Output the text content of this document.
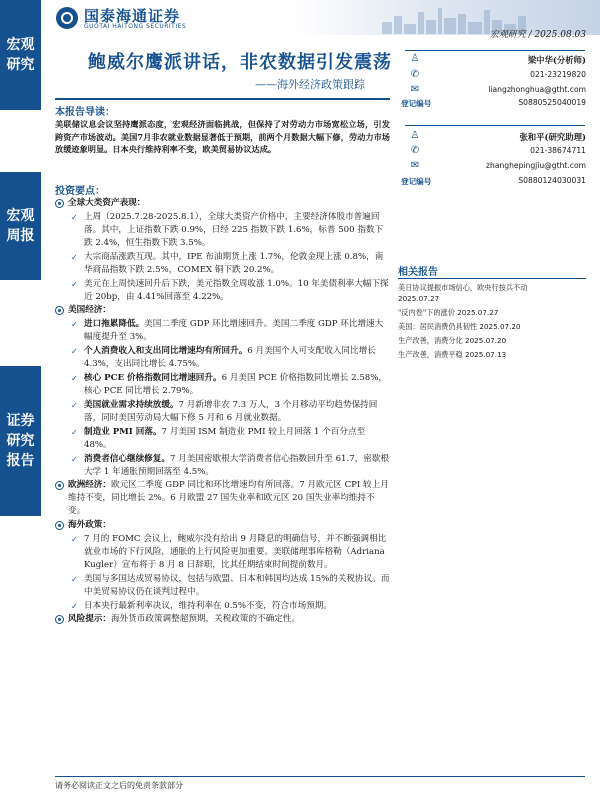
宏观研究
宏观周报
证券研究报告
国泰海通证券
GUOTAI HAITONG SECURITIES
宏观研究 / 2025.08.03
鲍威尔鹰派讲话，非农数据引发震荡
——海外经济政策跟踪
本报告导读：
美联储议息会议坚持鹰派态度，宏观经济面临挑战，但保持了对劳动力市场宽松立场，引发跨资产市场波动。美国7月非农就业数据显著低于预期，前两个月数据大幅下修，劳动力市场放缓迹象明显。日本央行维持利率不变，欧美贸易协议达成。
投资要点：
全球大类资产表现：
✓ 上周（2025.7.28-2025.8.1），全球大类资产价格中，主要经济体股市普遍回落。其中，上证指数下跌 0.9%，日经 225 指数下跌 1.6%，标普 500 指数下跌 2.4%，恒生指数下跌 3.5%。
✓ 大宗商品涨跌互现。其中，IPE 布油期货上涨 1.7%，伦敦金现上涨 0.8%，南华商品指数下跌 2.5%，COMEX 铜下跌 20.2%。
✓ 美元在上周快速回升后下跌，美元指数全周收涨 1.0%。10 年美债利率大幅下探近 20bp，由 4.41%回落至 4.22%。
美国经济：
✓ 进口拖累降低。美国二季度 GDP 环比增速回升。美国二季度 GDP 环比增速大幅度提升至 3%。
✓ 个人消费收入和支出同比增速均有所回升。6 月美国个人可支配收入同比增长 4.3%，支出同比增长 4.75%。
✓ 核心 PCE 价格指数同比增速回升。6 月美国 PCE 价格指数同比增长 2.58%，核心 PCE 同比增长 2.79%。
✓ 美国就业需求持续放缓。7 月新增非农 7.3 万人，3 个月移动平均趋势保持回落，同时美国劳动局大幅下修 5 月和 6 月就业数据。
✓ 制造业 PMI 回落。7 月美国 ISM 制造业 PMI 较上月回落 1 个百分点至 48%。
✓ 消费者信心继续修复。7 月美国密歇根大学消费者信心指数回升至 61.7，密歇根大学 1 年通胀预期回落至 4.5%。
欧洲经济：欧元区二季度 GDP 同比和环比增速均有所回落。7 月欧元区 CPI 较上月维持不变，同比增长 2%。6 月欧盟 27 国失业率和欧元区 20 国失业率均维持不变。
海外政策：
✓ 7 月的 FOMC 会议上，鲍威尔没有给出 9 月降息的明确信号，并不断强调相比就业市场的下行风险，通胀的上行风险更加重要。美联储理事库格勒（Adriana Kugler）宣布将于 8 月 8 日辞职，比其任期结束时间提前数月。
✓ 美国与多国达成贸易协议，包括与欧盟、日本和韩国均达成 15%的关税协议。而中美贸易协议仍在谈判过程中。
✓ 日本央行最新利率决议，维持利率在 0.5%不变，符合市场预期。
风险提示：海外货币政策调整超预期，关税政策的不确定性。
♙	梁中华(分析师)
✆	021-23219820
✉	liangzhonghua@gtht.com
登记编号	S0880525040019
♙	张和平(研究助理)
✆	021-38674711
✉	zhanghepingjiu@gtht.com
登记编号	S0880124030031
相关报告
美日协议提振市场信心，欧央行按兵不动
2025.07.27
"反内卷"下的涨价 2025.07.27
美国：居民消费仍具韧性 2025.07.20
生产改善，消费分化 2025.07.20
生产改善，消费平稳 2025.07.13
请务必阅读正文之后的免责条款部分
